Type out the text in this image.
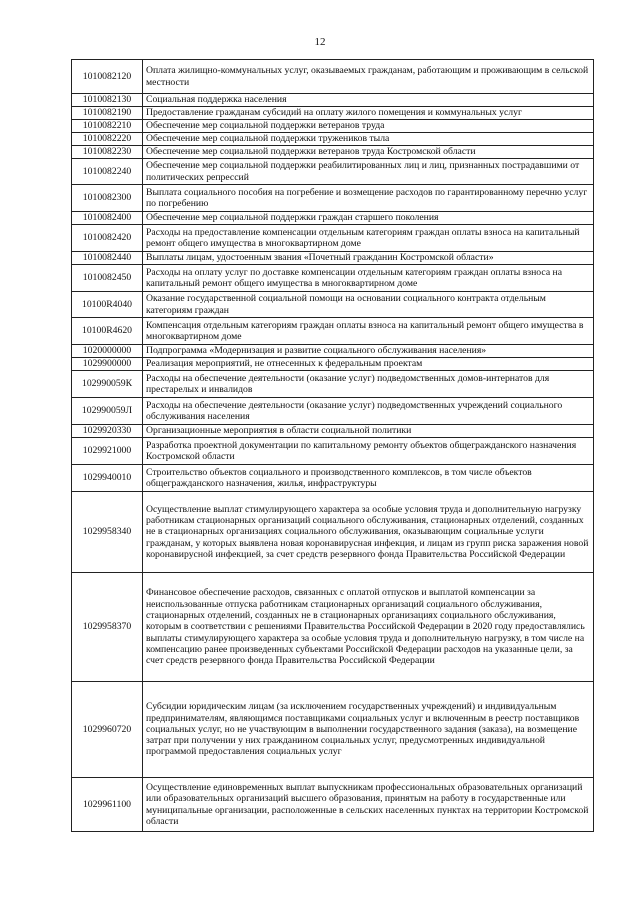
12
1010082120	Оплата жилищно-коммунальных услуг, оказываемых гражданам, работающим и проживающим в сельской местности
1010082130	Социальная поддержка населения
1010082190	Предоставление гражданам субсидий на оплату жилого помещения и коммунальных услуг
1010082210	Обеспечение мер социальной поддержки ветеранов труда
1010082220	Обеспечение мер социальной поддержки тружеников тыла
1010082230	Обеспечение мер социальной поддержки ветеранов труда Костромской области
1010082240	Обеспечение мер социальной поддержки реабилитированных лиц и лиц, признанных пострадавшими от политических репрессий
1010082300	Выплата социального пособия на погребение и возмещение расходов по гарантированному перечню услуг по погребению
1010082400	Обеспечение мер социальной поддержки граждан старшего поколения
1010082420	Расходы на предоставление компенсации отдельным категориям граждан оплаты взноса на капитальный ремонт общего имущества в многоквартирном доме
1010082440	Выплаты лицам, удостоенным звания «Почетный гражданин Костромской области»
1010082450	Расходы на оплату услуг по доставке компенсации отдельным категориям граждан оплаты взноса на капитальный ремонт общего имущества в многоквартирном доме
10100R4040	Оказание государственной социальной помощи на основании социального контракта отдельным категориям граждан
10100R4620	Компенсация отдельным категориям граждан оплаты взноса на капитальный ремонт общего имущества в многоквартирном доме
1020000000	Подпрограмма «Модернизация и развитие социального обслуживания населения»
1029900000	Реализация мероприятий, не отнесенных к федеральным проектам
102990059К	Расходы на обеспечение деятельности (оказание услуг) подведомственных домов-интернатов для престарелых и инвалидов
102990059Л	Расходы на обеспечение деятельности (оказание услуг) подведомственных учреждений социального обслуживания населения
1029920330	Организационные мероприятия в области социальной политики
1029921000	Разработка проектной документации по капитальному ремонту объектов общегражданского назначения Костромской области
1029940010	Строительство объектов социального и производственного комплексов, в том числе объектов общегражданского назначения, жилья, инфраструктуры
1029958340	Осуществление выплат стимулирующего характера за особые условия труда и дополнительную нагрузку работникам стационарных организаций социального обслуживания, стационарных отделений, созданных не в стационарных организациях социального обслуживания, оказывающим социальные услуги гражданам, у которых выявлена новая коронавирусная инфекция, и лицам из групп риска заражения новой коронавирусной инфекцией, за счет средств резервного фонда Правительства Российской Федерации
1029958370	Финансовое обеспечение расходов, связанных с оплатой отпусков и выплатой компенсации за неиспользованные отпуска работникам стационарных организаций социального обслуживания, стационарных отделений, созданных не в стационарных организациях социального обслуживания, которым в соответствии с решениями Правительства Российской Федерации в 2020 году предоставлялись выплаты стимулирующего характера за особые условия труда и дополнительную нагрузку, в том числе на компенсацию ранее произведенных субъектами Российской Федерации расходов на указанные цели, за счет средств резервного фонда Правительства Российской Федерации
1029960720	Субсидии юридическим лицам (за исключением государственных учреждений) и индивидуальным предпринимателям, являющимся поставщиками социальных услуг и включенным в реестр поставщиков социальных услуг, но не участвующим в выполнении государственного задания (заказа), на возмещение затрат при получении у них гражданином социальных услуг, предусмотренных индивидуальной программой предоставления социальных услуг
1029961100	Осуществление единовременных выплат выпускникам профессиональных образовательных организаций или образовательных организаций высшего образования, принятым на работу в государственные или муниципальные организации, расположенные в сельских населенных пунктах на территории Костромской области
